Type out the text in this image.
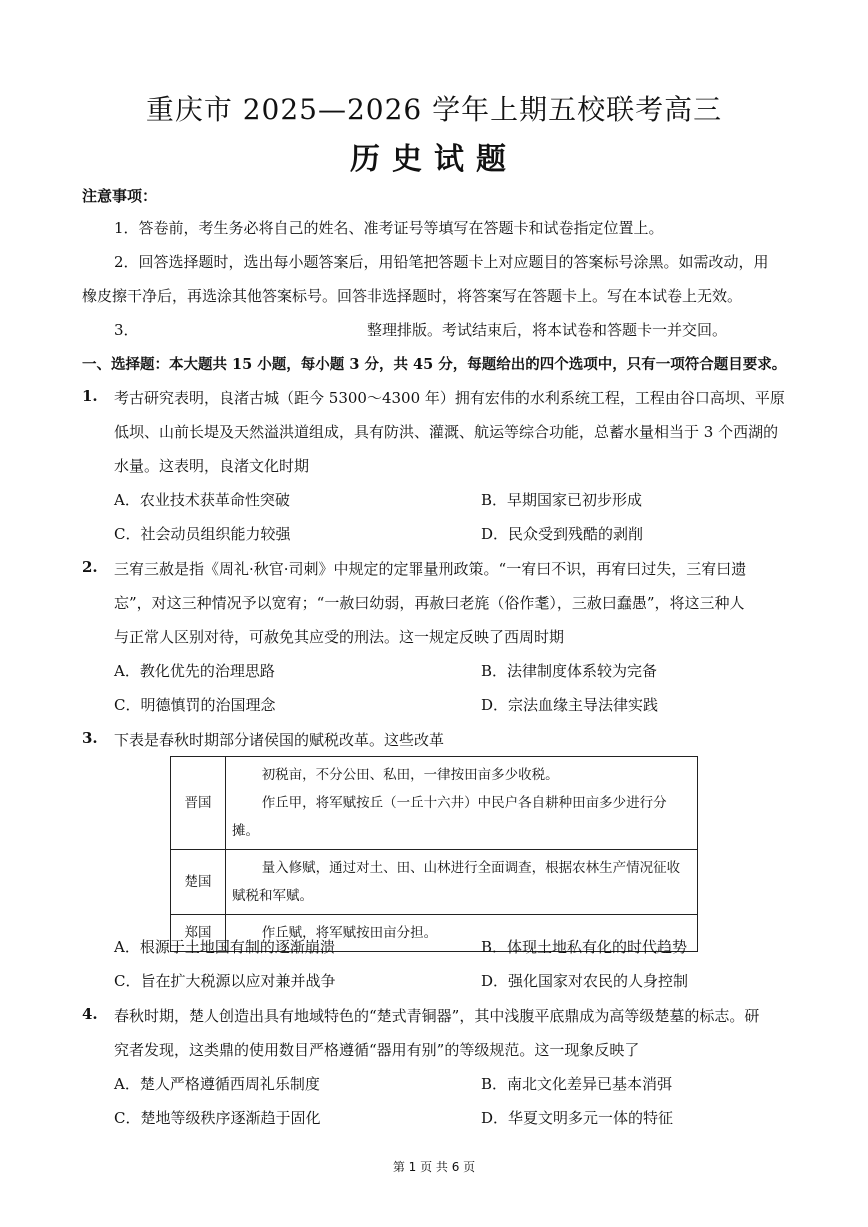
重庆市 2025—2026 学年上期五校联考高三
历史试题
注意事项：
1．答卷前，考生务必将自己的姓名、准考证号等填写在答题卡和试卷指定位置上。
2．回答选择题时，选出每小题答案后，用铅笔把答题卡上对应题目的答案标号涂黑。如需改动，用
橡皮擦干净后，再选涂其他答案标号。回答非选择题时，将答案写在答题卡上。写在本试卷上无效。
3．	整理排版。考试结束后，将本试卷和答题卡一并交回。
一、选择题：本大题共 15 小题，每小题 3 分，共 45 分，每题给出的四个选项中，只有一项符合题目要求。
1. 考古研究表明，良渚古城（距今 5300～4300 年）拥有宏伟的水利系统工程，工程由谷口高坝、平原
低坝、山前长堤及天然溢洪道组成，具有防洪、灌溉、航运等综合功能，总蓄水量相当于 3 个西湖的
水量。这表明，良渚文化时期
A．农业技术获革命性突破	B．早期国家已初步形成
C．社会动员组织能力较强	D．民众受到残酷的剥削
2. 三宥三赦是指《周礼·秋官·司刺》中规定的定罪量刑政策。“一宥曰不识，再宥曰过失，三宥曰遗
忘”，对这三种情况予以宽宥；“一赦曰幼弱，再赦曰老旄（俗作耄），三赦曰蠢愚”，将这三种人
与正常人区别对待，可赦免其应受的刑法。这一规定反映了西周时期
A．教化优先的治理思路	B．法律制度体系较为完备
C．明德慎罚的治国理念	D．宗法血缘主导法律实践
3. 下表是春秋时期部分诸侯国的赋税改革。这些改革
晋国	初税亩，不分公田、私田，一律按田亩多少收税。

作丘甲，将军赋按丘（一丘十六井）中民户各自耕种田亩多少进行分摊。

楚国	量入修赋，通过对土、田、山林进行全面调查，根据农林生产情况征收赋税和军赋。

郑国	作丘赋，将军赋按田亩分担。

A．根源于土地国有制的逐渐崩溃	B．体现土地私有化的时代趋势
C．旨在扩大税源以应对兼并战争	D．强化国家对农民的人身控制
4. 春秋时期，楚人创造出具有地域特色的“楚式青铜器”，其中浅腹平底鼎成为高等级楚墓的标志。研
究者发现，这类鼎的使用数目严格遵循“器用有别”的等级规范。这一现象反映了
A．楚人严格遵循西周礼乐制度	B．南北文化差异已基本消弭
C．楚地等级秩序逐渐趋于固化	D．华夏文明多元一体的特征
第 1 页 共 6 页
